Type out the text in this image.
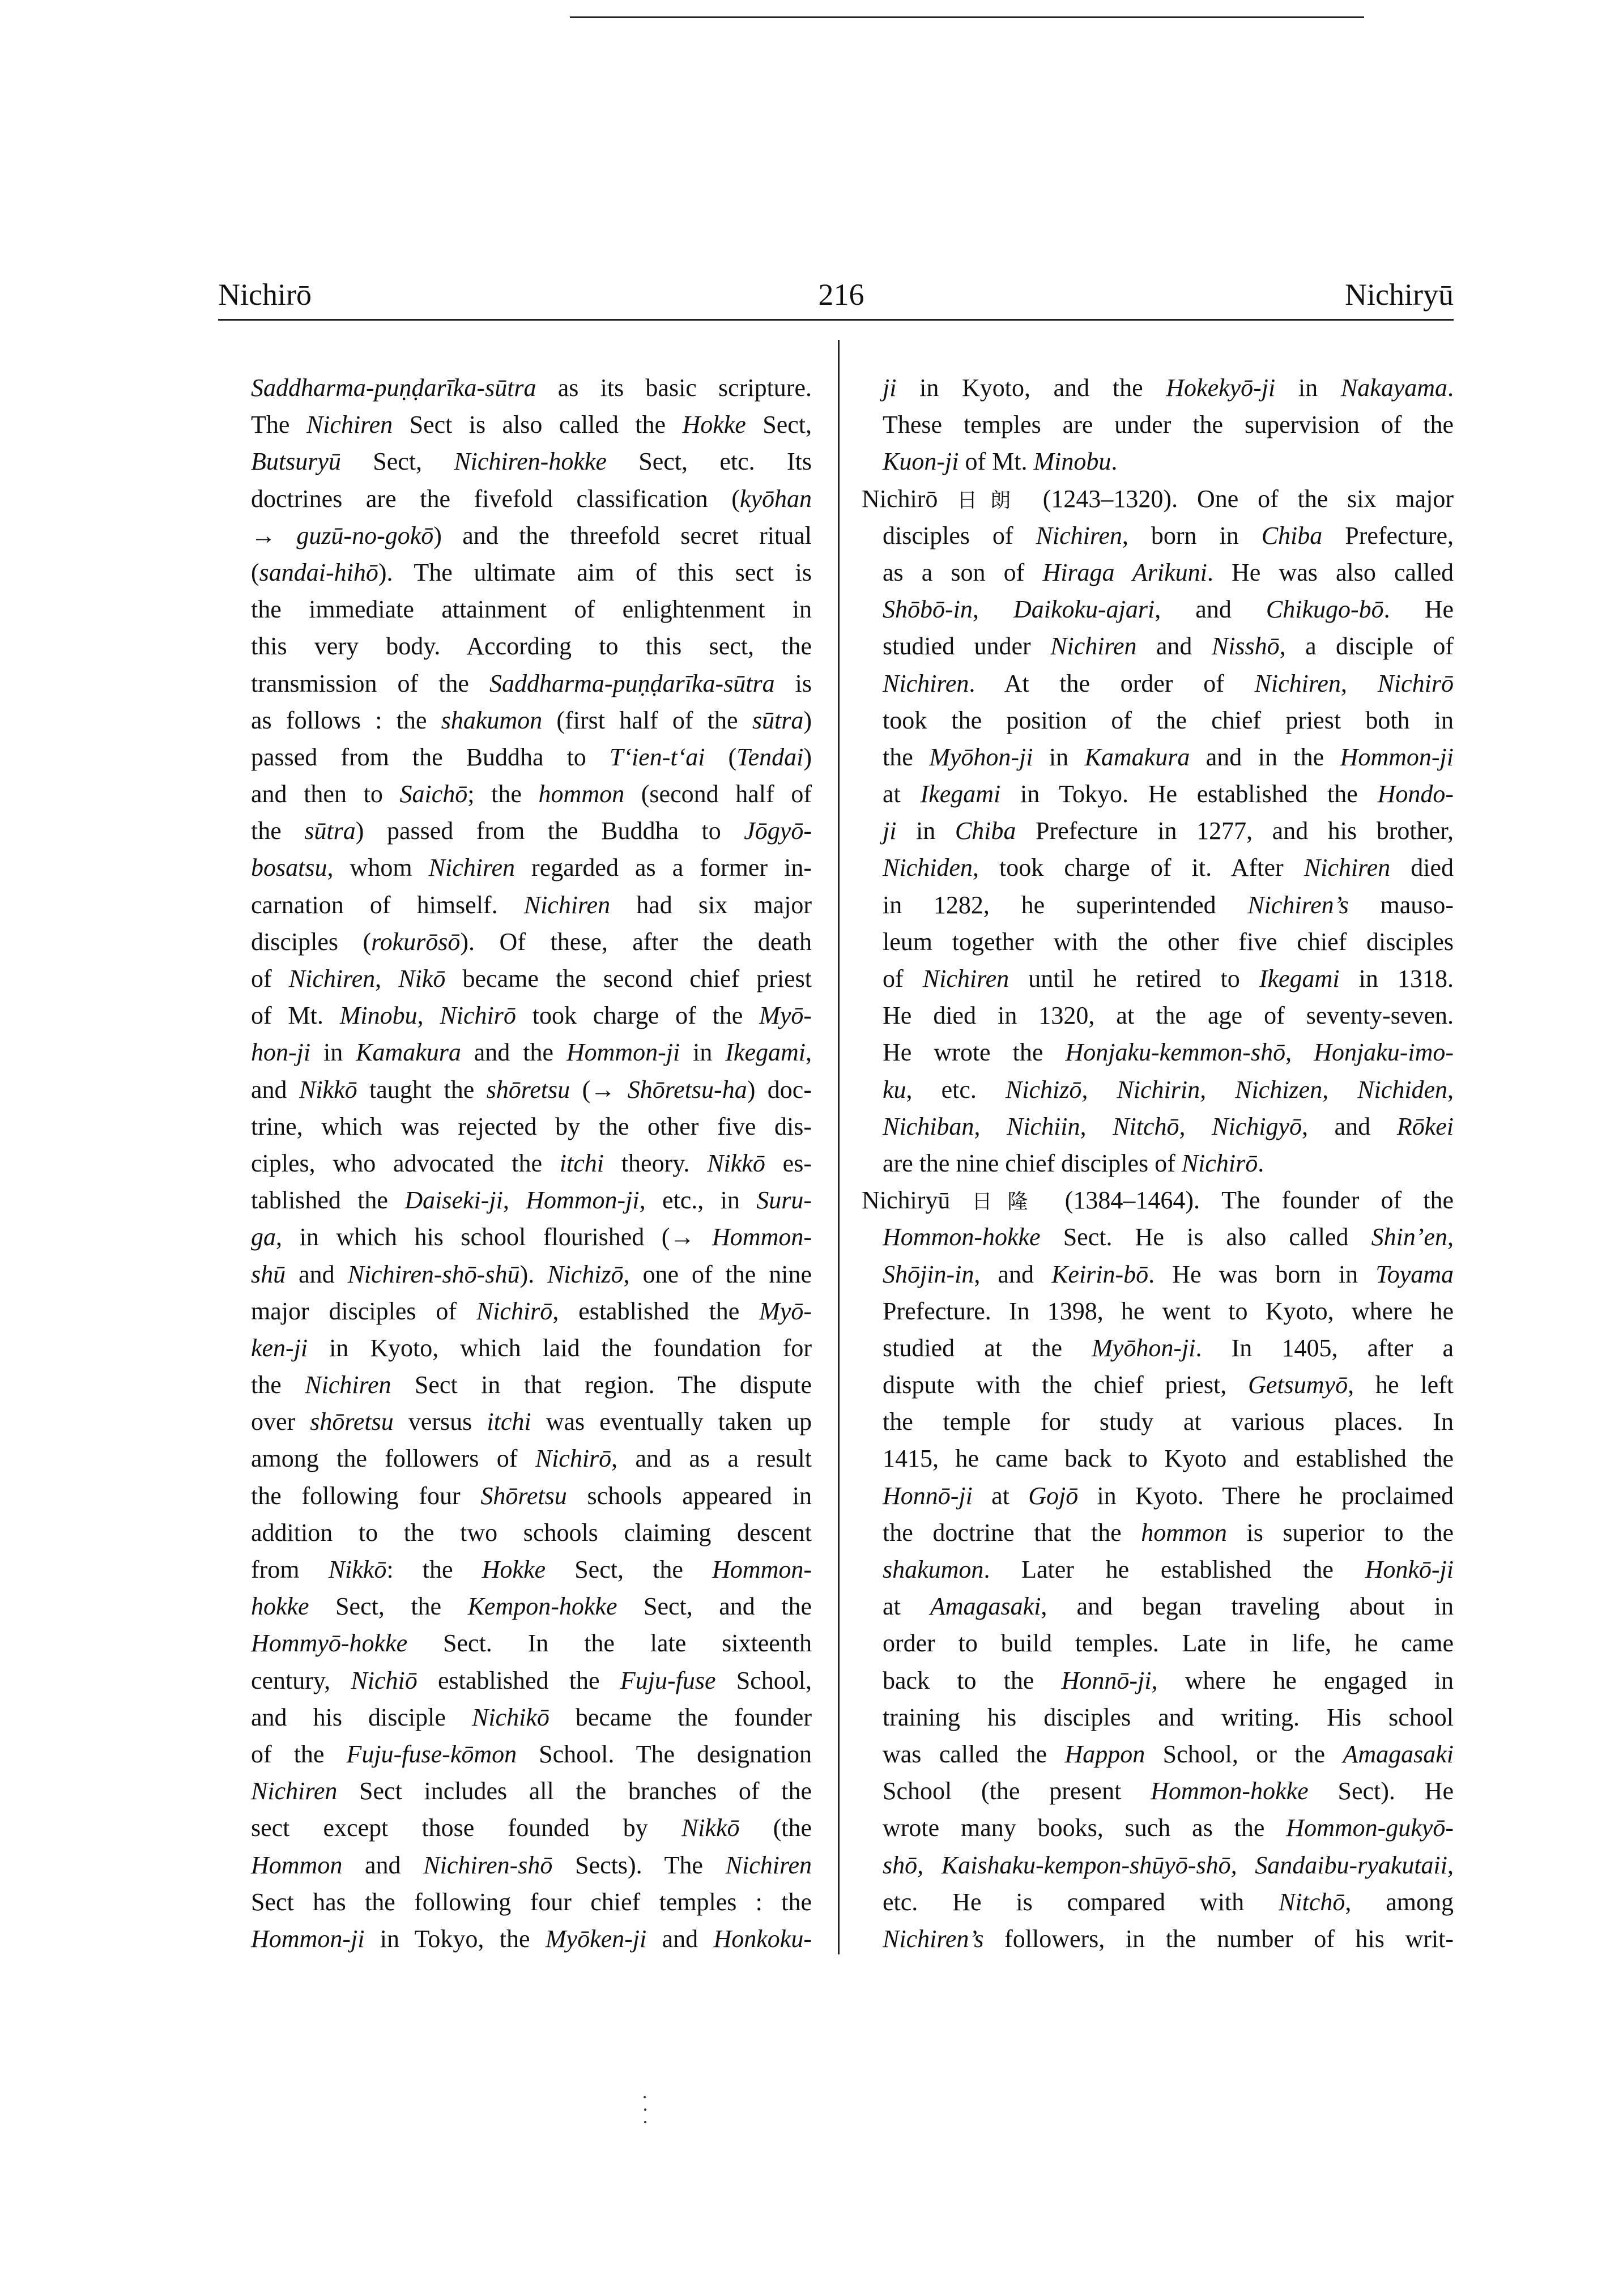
Nichirō	216	Nichiryū
Saddharma-puṇḍarīka-sūtra as its basic scripture.
The Nichiren Sect is also called the Hokke Sect,
Butsuryū Sect, Nichiren-hokke Sect, etc. Its
doctrines are the fivefold classification (kyōhan
→ guzū-no-gokō) and the threefold secret ritual
(sandai-hihō). The ultimate aim of this sect is
the immediate attainment of enlightenment in
this very body. According to this sect, the
transmission of the Saddharma-puṇḍarīka-sūtra is
as follows : the shakumon (first half of the sūtra)
passed from the Buddha to T‘ien-t‘ai (Tendai)
and then to Saichō; the hommon (second half of
the sūtra) passed from the Buddha to Jōgyō-
bosatsu, whom Nichiren regarded as a former in-
carnation of himself. Nichiren had six major
disciples (rokurōsō). Of these, after the death
of Nichiren, Nikō became the second chief priest
of Mt. Minobu, Nichirō took charge of the Myō-
hon-ji in Kamakura and the Hommon-ji in Ikegami,
and Nikkō taught the shōretsu (→ Shōretsu-ha) doc-
trine, which was rejected by the other five dis-
ciples, who advocated the itchi theory. Nikkō es-
tablished the Daiseki-ji, Hommon-ji, etc., in Suru-
ga, in which his school flourished (→ Hommon-
shū and Nichiren-shō-shū). Nichizō, one of the nine
major disciples of Nichirō, established the Myō-
ken-ji in Kyoto, which laid the foundation for
the Nichiren Sect in that region. The dispute
over shōretsu versus itchi was eventually taken up
among the followers of Nichirō, and as a result
the following four Shōretsu schools appeared in
addition to the two schools claiming descent
from Nikkō: the Hokke Sect, the Hommon-
hokke Sect, the Kempon-hokke Sect, and the
Hommyō-hokke Sect. In the late sixteenth
century, Nichiō established the Fuju-fuse School,
and his disciple Nichikō became the founder
of the Fuju-fuse-kōmon School. The designation
Nichiren Sect includes all the branches of the
sect except those founded by Nikkō (the
Hommon and Nichiren-shō Sects). The Nichiren
Sect has the following four chief temples : the
Hommon-ji in Tokyo, the Myōken-ji and Honkoku-
ji in Kyoto, and the Hokekyō-ji in Nakayama.
These temples are under the supervision of the
Kuon-ji of Mt. Minobu.
Nichirō 日朗 (1243–1320). One of the six major
disciples of Nichiren, born in Chiba Prefecture,
as a son of Hiraga Arikuni. He was also called
Shōbō-in, Daikoku-ajari, and Chikugo-bō. He
studied under Nichiren and Nisshō, a disciple of
Nichiren. At the order of Nichiren, Nichirō
took the position of the chief priest both in
the Myōhon-ji in Kamakura and in the Hommon-ji
at Ikegami in Tokyo. He established the Hondo-
ji in Chiba Prefecture in 1277, and his brother,
Nichiden, took charge of it. After Nichiren died
in 1282, he superintended Nichiren’s mauso-
leum together with the other five chief disciples
of Nichiren until he retired to Ikegami in 1318.
He died in 1320, at the age of seventy-seven.
He wrote the Honjaku-kemmon-shō, Honjaku-imo-
ku, etc. Nichizō, Nichirin, Nichizen, Nichiden,
Nichiban, Nichiin, Nitchō, Nichigyō, and Rōkei
are the nine chief disciples of Nichirō.
Nichiryū 日隆 (1384–1464). The founder of the
Hommon-hokke Sect. He is also called Shin’en,
Shōjin-in, and Keirin-bō. He was born in Toyama
Prefecture. In 1398, he went to Kyoto, where he
studied at the Myōhon-ji. In 1405, after a
dispute with the chief priest, Getsumyō, he left
the temple for study at various places. In
1415, he came back to Kyoto and established the
Honnō-ji at Gojō in Kyoto. There he proclaimed
the doctrine that the hommon is superior to the
shakumon. Later he established the Honkō-ji
at Amagasaki, and began traveling about in
order to build temples. Late in life, he came
back to the Honnō-ji, where he engaged in
training his disciples and writing. His school
was called the Happon School, or the Amagasaki
School (the present Hommon-hokke Sect). He
wrote many books, such as the Hommon-gukyō-
shō, Kaishaku-kempon-shūyō-shō, Sandaibu-ryakutaii,
etc. He is compared with Nitchō, among
Nichiren’s followers, in the number of his writ-
